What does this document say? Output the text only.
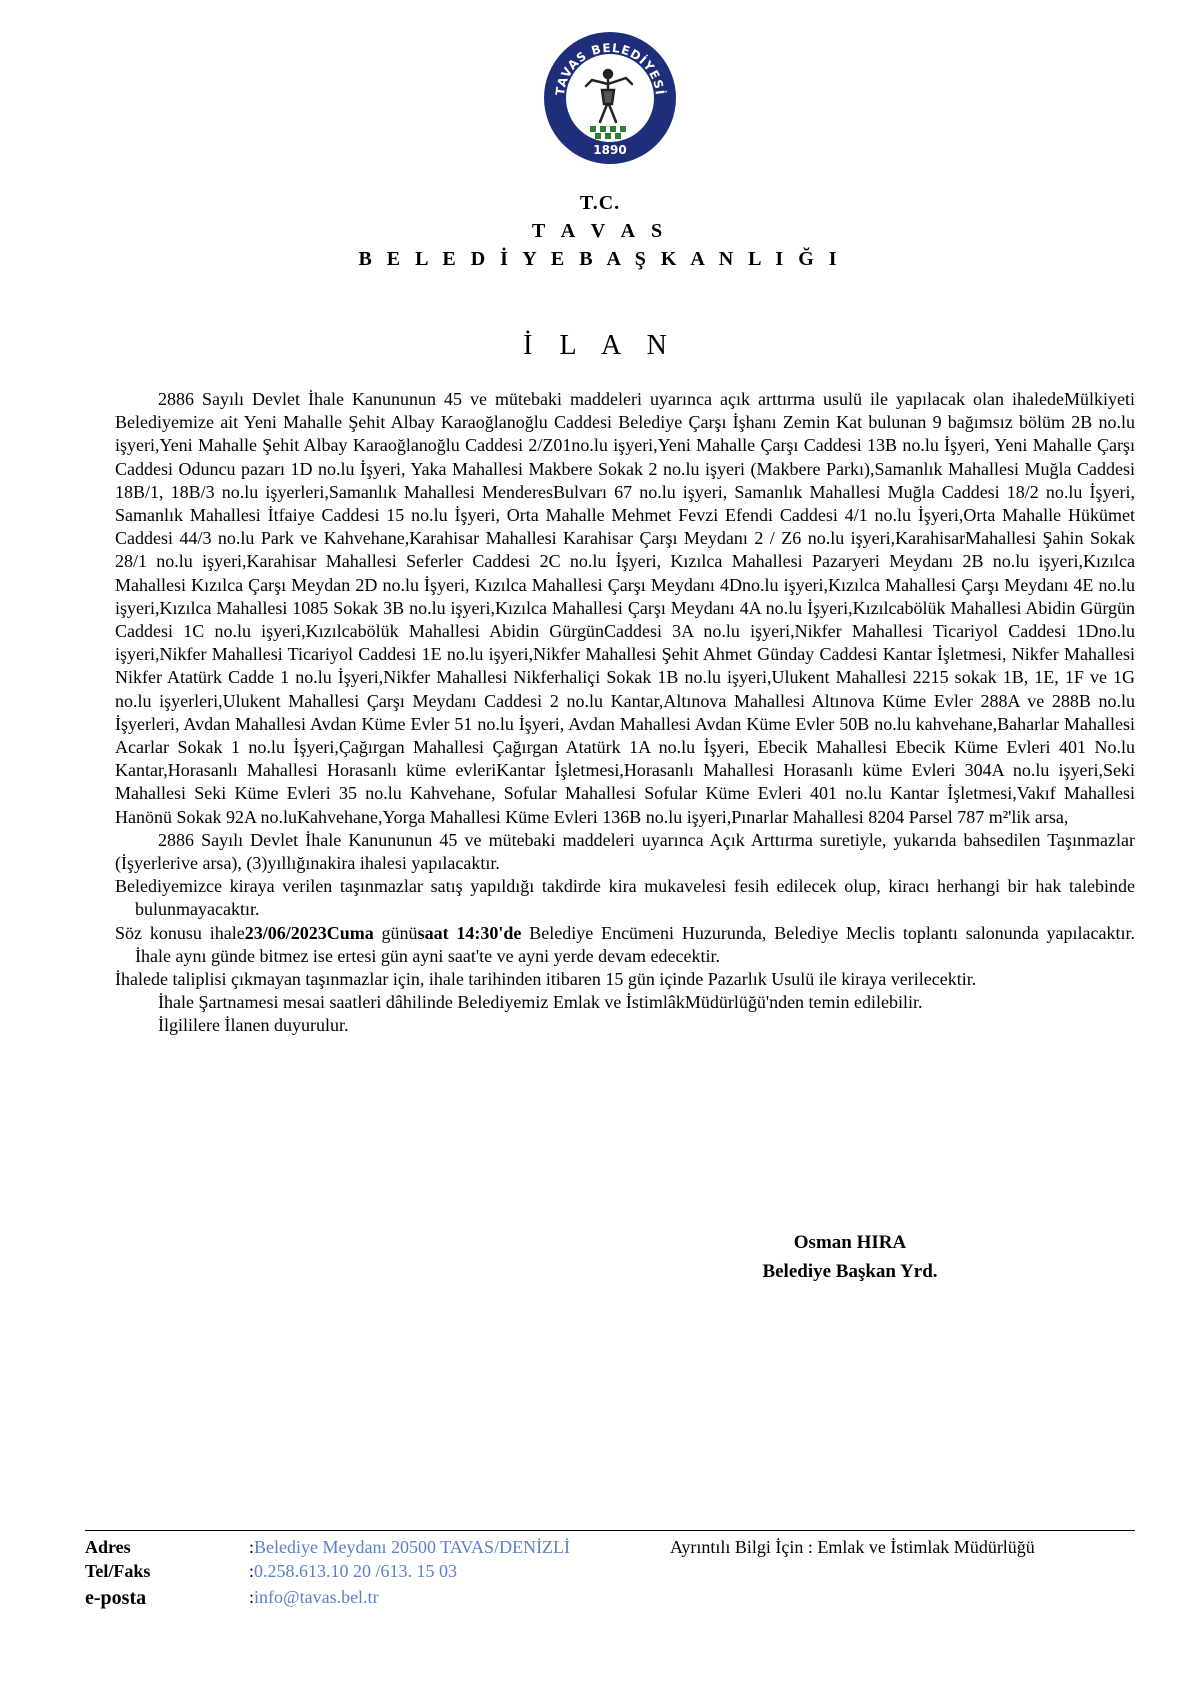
TAVAS BELEDİYESİ
1890
T.C.
T A V A S
B E L E D İ Y E B A Ş K A N L I Ğ I
İ L A N

2886 Sayılı Devlet İhale Kanununun 45 ve mütebaki maddeleri uyarınca açık arttırma usulü ile yapılacak olan ihaledeMülkiyeti Belediyemize ait Yeni Mahalle Şehit Albay Karaoğlanoğlu Caddesi Belediye Çarşı İşhanı Zemin Kat bulunan 9 bağımsız bölüm 2B no.lu işyeri,Yeni Mahalle Şehit Albay Karaoğlanoğlu Caddesi 2/Z01no.lu işyeri,Yeni Mahalle Çarşı Caddesi 13B no.lu İşyeri, Yeni Mahalle Çarşı Caddesi Oduncu pazarı 1D no.lu İşyeri, Yaka Mahallesi Makbere Sokak 2 no.lu işyeri (Makbere Parkı),Samanlık Mahallesi Muğla Caddesi 18B/1, 18B/3 no.lu işyerleri,Samanlık Mahallesi MenderesBulvarı 67 no.lu işyeri, Samanlık Mahallesi Muğla Caddesi 18/2 no.lu İşyeri, Samanlık Mahallesi İtfaiye Caddesi 15 no.lu İşyeri, Orta Mahalle Mehmet Fevzi Efendi Caddesi 4/1 no.lu İşyeri,Orta Mahalle Hükümet Caddesi 44/3 no.lu Park ve Kahvehane,Karahisar Mahallesi Karahisar Çarşı Meydanı 2 / Z6 no.lu işyeri,KarahisarMahallesi Şahin Sokak 28/1 no.lu işyeri,Karahisar Mahallesi Seferler Caddesi 2C no.lu İşyeri, Kızılca Mahallesi Pazaryeri Meydanı 2B no.lu işyeri,Kızılca Mahallesi Kızılca Çarşı Meydan 2D no.lu İşyeri, Kızılca Mahallesi Çarşı Meydanı 4Dno.lu işyeri,Kızılca Mahallesi Çarşı Meydanı 4E no.lu işyeri,Kızılca Mahallesi 1085 Sokak 3B no.lu işyeri,Kızılca Mahallesi Çarşı Meydanı 4A no.lu İşyeri,Kızılcabölük Mahallesi Abidin Gürgün Caddesi 1C no.lu işyeri,Kızılcabölük Mahallesi Abidin GürgünCaddesi 3A no.lu işyeri,Nikfer Mahallesi Ticariyol Caddesi 1Dno.lu işyeri,Nikfer Mahallesi Ticariyol Caddesi 1E no.lu işyeri,Nikfer Mahallesi Şehit Ahmet Günday Caddesi Kantar İşletmesi, Nikfer Mahallesi Nikfer Atatürk Cadde 1 no.lu İşyeri,Nikfer Mahallesi Nikferhaliçi Sokak 1B no.lu işyeri,Ulukent Mahallesi 2215 sokak 1B, 1E, 1F ve 1G no.lu işyerleri,Ulukent Mahallesi Çarşı Meydanı Caddesi 2 no.lu Kantar,Altınova Mahallesi Altınova Küme Evler 288A ve 288B no.lu İşyerleri, Avdan Mahallesi Avdan Küme Evler 51 no.lu İşyeri, Avdan Mahallesi Avdan Küme Evler 50B no.lu kahvehane,Baharlar Mahallesi Acarlar Sokak 1 no.lu İşyeri,Çağırgan Mahallesi Çağırgan Atatürk 1A no.lu İşyeri, Ebecik Mahallesi Ebecik Küme Evleri 401 No.lu Kantar,Horasanlı Mahallesi Horasanlı küme evleriKantar İşletmesi,Horasanlı Mahallesi Horasanlı küme Evleri 304A no.lu işyeri,Seki Mahallesi Seki Küme Evleri 35 no.lu Kahvehane, Sofular Mahallesi Sofular Küme Evleri 401 no.lu Kantar İşletmesi,Vakıf Mahallesi Hanönü Sokak 92A no.luKahvehane,Yorga Mahallesi Küme Evleri 136B no.lu işyeri,Pınarlar Mahallesi 8204 Parsel 787 m²'lik arsa,

2886 Sayılı Devlet İhale Kanununun 45 ve mütebaki maddeleri uyarınca Açık Arttırma suretiyle, yukarıda bahsedilen Taşınmazlar (İşyerlerive arsa), (3)yıllığınakira ihalesi yapılacaktır.

Belediyemizce kiraya verilen taşınmazlar satış yapıldığı takdirde kira mukavelesi fesih edilecek olup, kiracı herhangi bir hak talebinde bulunmayacaktır.

Söz konusu ihale23/06/2023Cuma günüsaat 14:30'de Belediye Encümeni Huzurunda, Belediye Meclis toplantı salonunda yapılacaktır. İhale aynı günde bitmez ise ertesi gün ayni saat'te ve ayni yerde devam edecektir.

İhalede taliplisi çıkmayan taşınmazlar için, ihale tarihinden itibaren 15 gün içinde Pazarlık Usulü ile kiraya verilecektir.

İhale Şartnamesi mesai saatleri dâhilinde Belediyemiz Emlak ve İstimlâkMüdürlüğü'nden temin edilebilir.

İlgililere İlanen duyurulur.

Osman HIRA
Belediye Başkan Yrd.
Adres	:Belediye Meydanı 20500 TAVAS/DENİZLİ	Ayrıntılı Bilgi İçin : Emlak ve İstimlak Müdürlüğü
Tel/Faks	:0.258.613.10 20 /613. 15 03
e-posta	:info@tavas.bel.tr
